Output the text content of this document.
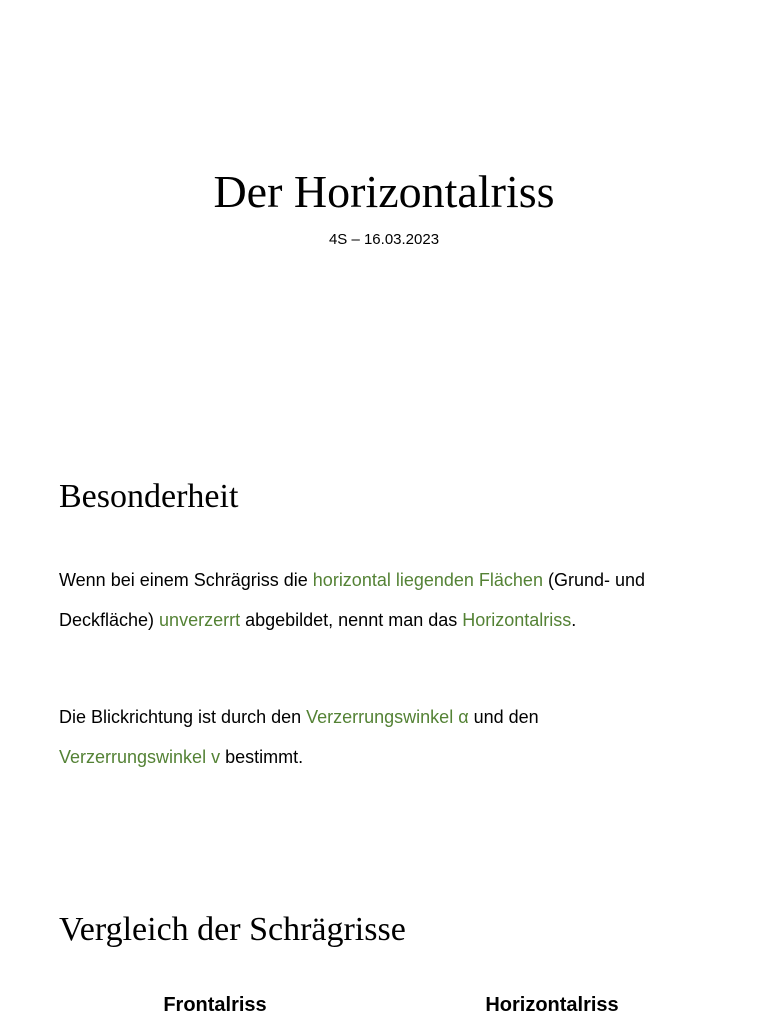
Der Horizontalriss
4S – 16.03.2023
Besonderheit

Wenn bei einem Schrägriss die horizontal liegenden Flächen (Grund- und Deckfläche) unverzerrt abgebildet, nennt man das Horizontalriss.

Die Blickrichtung ist durch den Verzerrungswinkel α und den
Verzerrungswinkel v bestimmt.

Vergleich der Schrägrisse
Frontalriss	Horizontalriss
